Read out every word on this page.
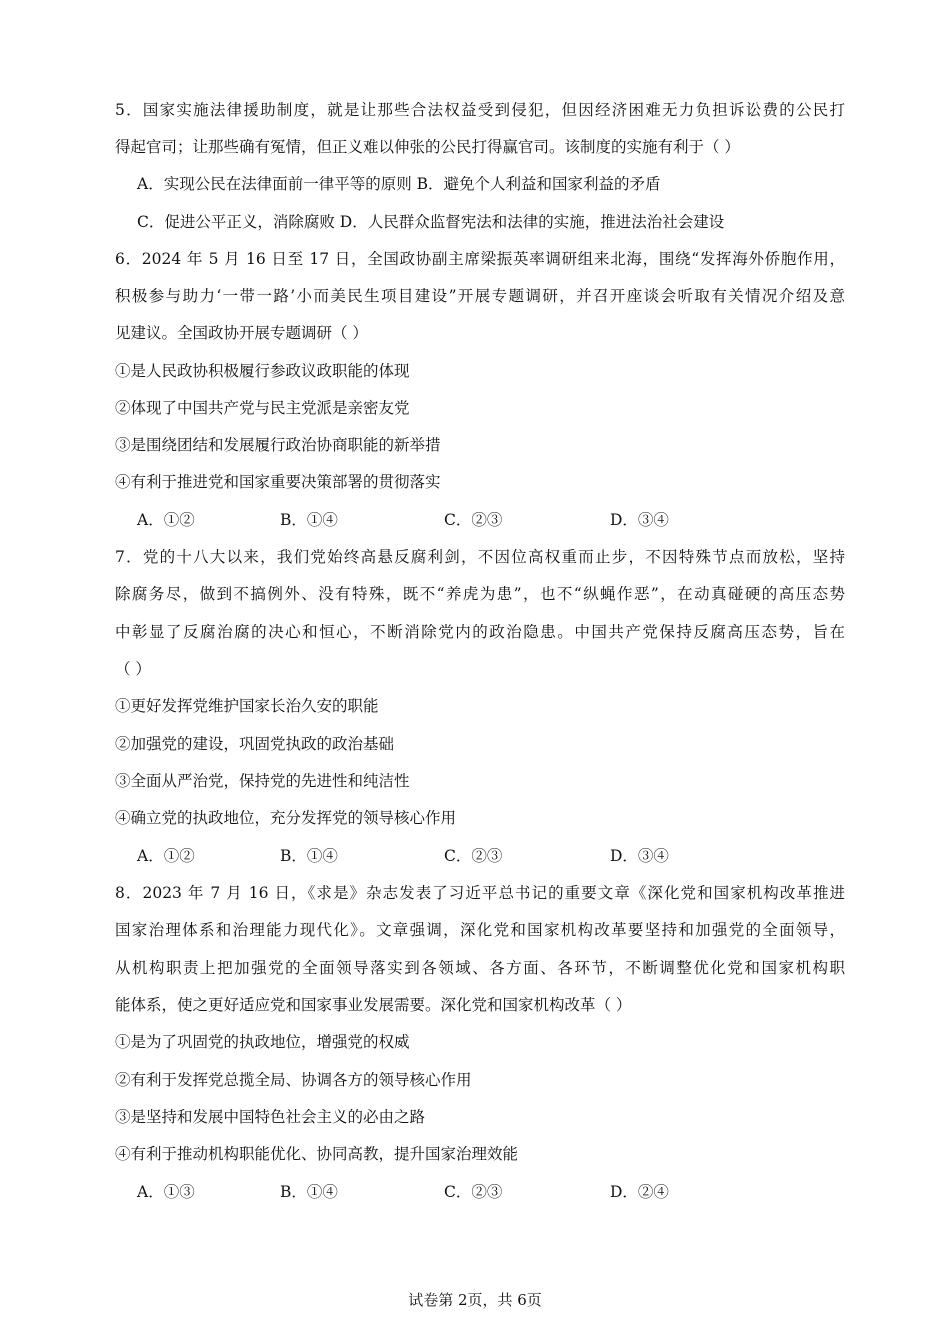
5．国家实施法律援助制度，就是让那些合法权益受到侵犯，但因经济困难无力负担诉讼费的公民打
得起官司；让那些确有冤情，但正义难以伸张的公民打得赢官司。该制度的实施有利于（ ）
A．实现公民在法律面前一律平等的原则 B．避免个人利益和国家利益的矛盾
C．促进公平正义，消除腐败 D．人民群众监督宪法和法律的实施，推进法治社会建设
6．2024 年 5 月 16 日至 17 日，全国政协副主席梁振英率调研组来北海，围绕“发挥海外侨胞作用，
积极参与助力‘一带一路’小而美民生项目建设”开展专题调研，并召开座谈会听取有关情况介绍及意
见建议。全国政协开展专题调研（ ）
①是人民政协积极履行参政议政职能的体现
②体现了中国共产党与民主党派是亲密友党
③是围绕团结和发展履行政治协商职能的新举措
④有利于推进党和国家重要决策部署的贯彻落实
A．①②	B．①④	C．②③	D．③④
7．党的十八大以来，我们党始终高悬反腐利剑，不因位高权重而止步，不因特殊节点而放松，坚持
除腐务尽，做到不搞例外、没有特殊，既不“养虎为患”，也不“纵蝇作恶”，在动真碰硬的高压态势
中彰显了反腐治腐的决心和恒心，不断消除党内的政治隐患。中国共产党保持反腐高压态势，旨在
（ ）
①更好发挥党维护国家长治久安的职能
②加强党的建设，巩固党执政的政治基础
③全面从严治党，保持党的先进性和纯洁性
④确立党的执政地位，充分发挥党的领导核心作用
A．①②	B．①④	C．②③	D．③④
8．2023 年 7 月 16 日，《求是》杂志发表了习近平总书记的重要文章《深化党和国家机构改革推进
国家治理体系和治理能力现代化》。文章强调，深化党和国家机构改革要坚持和加强党的全面领导，
从机构职责上把加强党的全面领导落实到各领域、各方面、各环节，不断调整优化党和国家机构职
能体系，使之更好适应党和国家事业发展需要。深化党和国家机构改革（ ）
①是为了巩固党的执政地位，增强党的权威
②有利于发挥党总揽全局、协调各方的领导核心作用
③是坚持和发展中国特色社会主义的必由之路
④有利于推动机构职能优化、协同高教，提升国家治理效能
A．①③	B．①④	C．②③	D．②④
试卷第 2页，共 6页
